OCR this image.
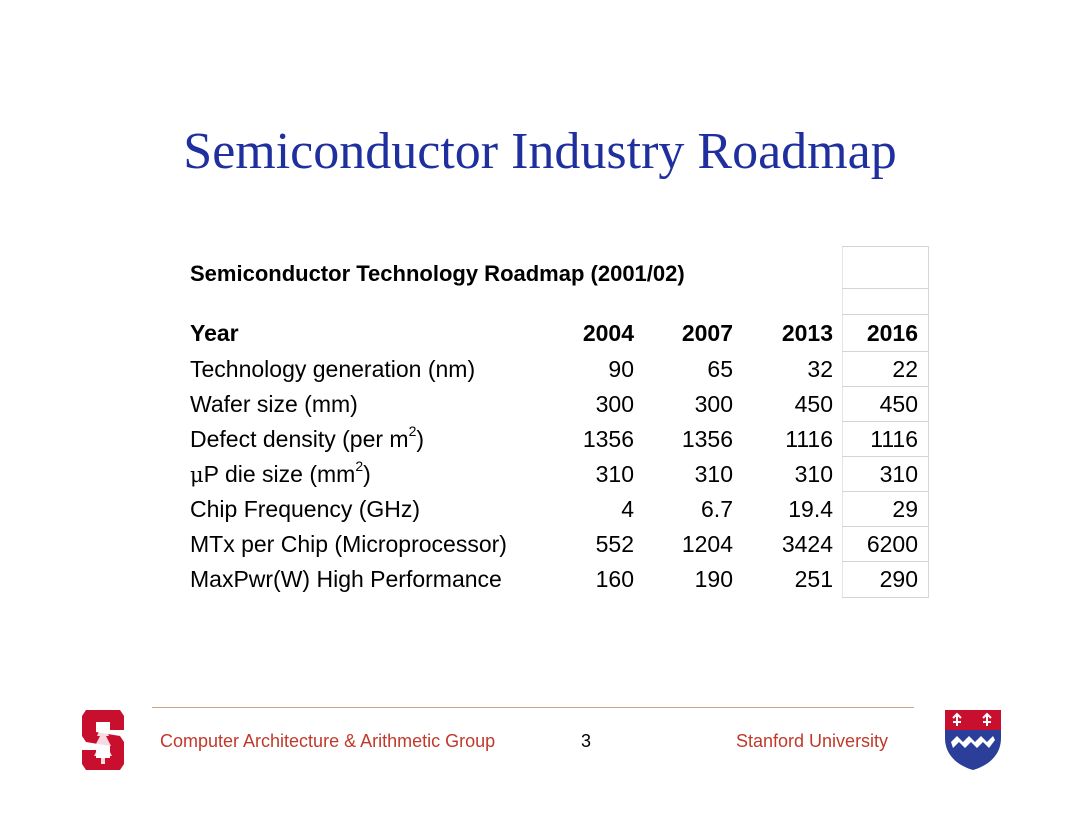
Semiconductor Industry Roadmap
Semiconductor Technology Roadmap (2001/02)
Year	2004 2007 2013 2016
Technology generation (nm)	90	65	32	22
Wafer size (mm)	300	300	450 450
Defect density (per $m^2$)	1356 1356 1116 1116
μP die size $(mm^2)$	310	310	310 310
Chip Frequency (GHz)	4	6.7 19.4	29
MTx per Chip (Microprocessor)	552 1204 3424 6200
MaxPwr(W) High Performance	160	190	251 290
Computer Architecture & Arithmetic Group	3	Stanford University
